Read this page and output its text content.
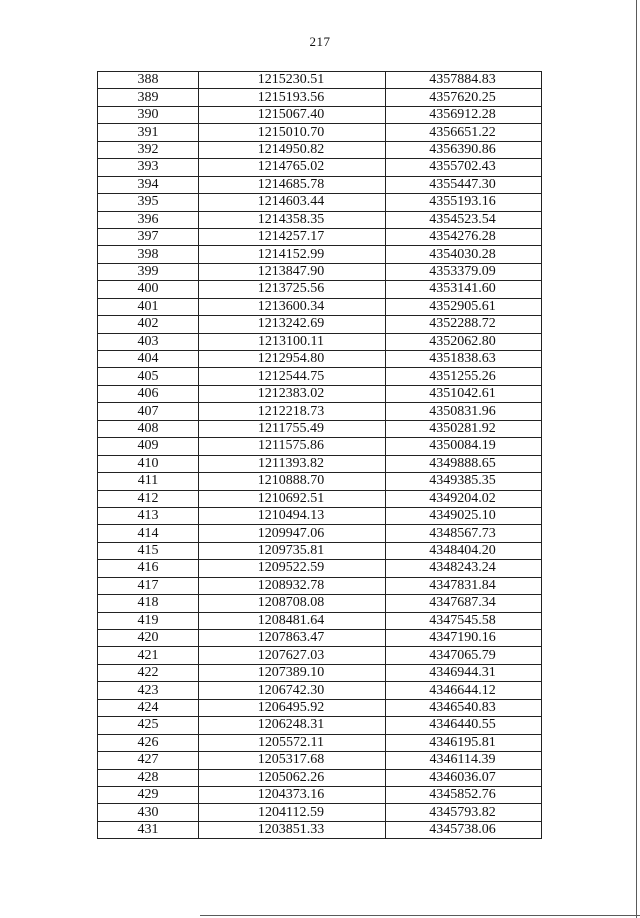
217
388	1215230.51	4357884.83
389	1215193.56	4357620.25
390	1215067.40	4356912.28
391	1215010.70	4356651.22
392	1214950.82	4356390.86
393	1214765.02	4355702.43
394	1214685.78	4355447.30
395	1214603.44	4355193.16
396	1214358.35	4354523.54
397	1214257.17	4354276.28
398	1214152.99	4354030.28
399	1213847.90	4353379.09
400	1213725.56	4353141.60
401	1213600.34	4352905.61
402	1213242.69	4352288.72
403	1213100.11	4352062.80
404	1212954.80	4351838.63
405	1212544.75	4351255.26
406	1212383.02	4351042.61
407	1212218.73	4350831.96
408	1211755.49	4350281.92
409	1211575.86	4350084.19
410	1211393.82	4349888.65
411	1210888.70	4349385.35
412	1210692.51	4349204.02
413	1210494.13	4349025.10
414	1209947.06	4348567.73
415	1209735.81	4348404.20
416	1209522.59	4348243.24
417	1208932.78	4347831.84
418	1208708.08	4347687.34
419	1208481.64	4347545.58
420	1207863.47	4347190.16
421	1207627.03	4347065.79
422	1207389.10	4346944.31
423	1206742.30	4346644.12
424	1206495.92	4346540.83
425	1206248.31	4346440.55
426	1205572.11	4346195.81
427	1205317.68	4346114.39
428	1205062.26	4346036.07
429	1204373.16	4345852.76
430	1204112.59	4345793.82
431	1203851.33	4345738.06
